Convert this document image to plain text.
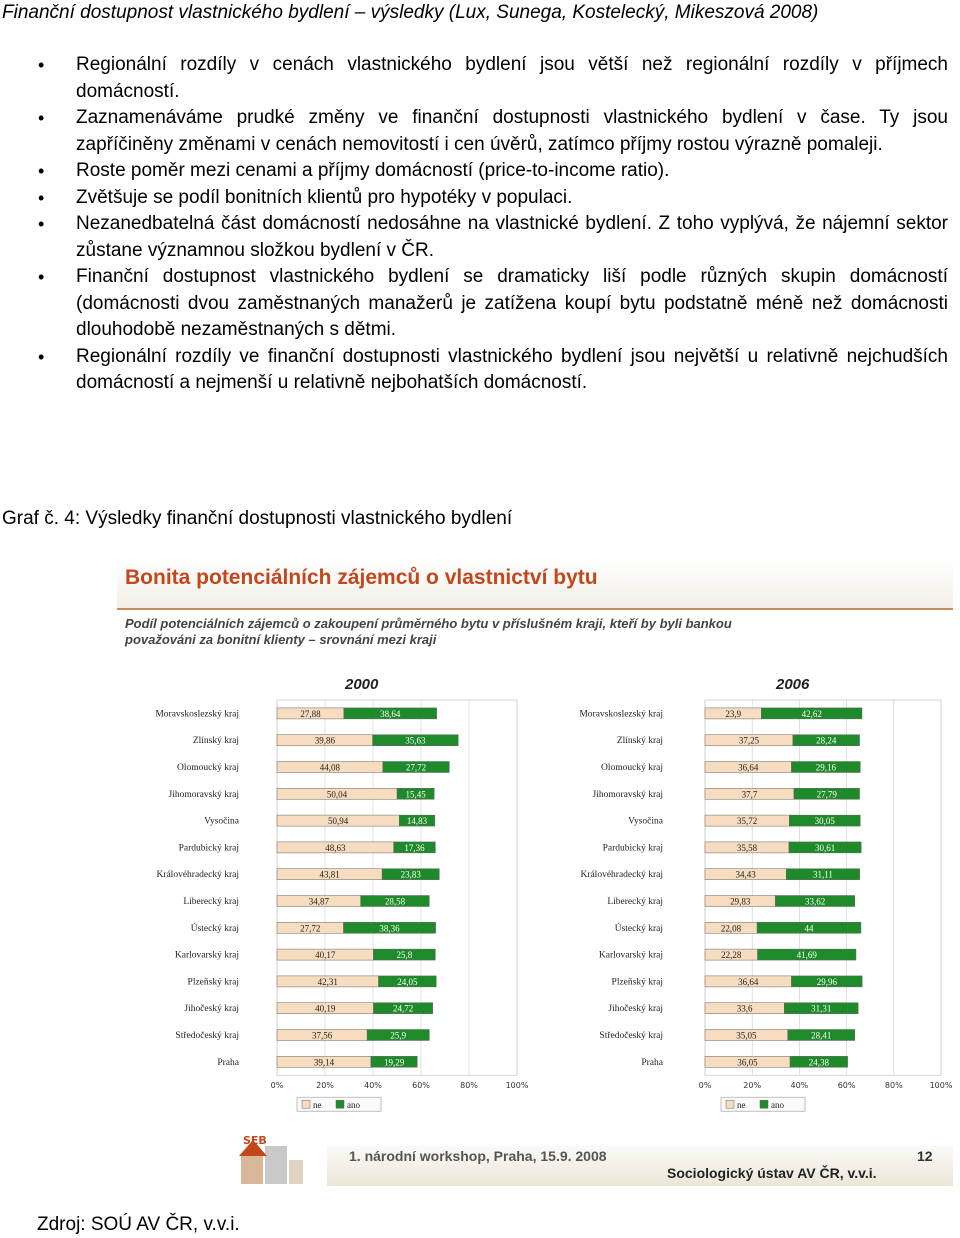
Finanční dostupnost vlastnického bydlení – výsledky (Lux, Sunega, Kostelecký, Mikeszová 2008)
• Regionální rozdíly v cenách vlastnického bydlení jsou větší než regionální rozdíly v příjmech domácností.
• Zaznamenáváme prudké změny ve finanční dostupnosti vlastnického bydlení v čase. Ty jsou zapříčiněny změnami v cenách nemovitostí i cen úvěrů, zatímco příjmy rostou výrazně pomaleji.
• Roste poměr mezi cenami a příjmy domácností (price-to-income ratio).
• Zvětšuje se podíl bonitních klientů pro hypotéky v populaci.
• Nezanedbatelná část domácností nedosáhne na vlastnické bydlení. Z toho vyplývá, že nájemní sektor zůstane významnou složkou bydlení v ČR.
• Finanční dostupnost vlastnického bydlení se dramaticky liší podle různých skupin domácností (domácnosti dvou zaměstnaných manažerů je zatížena koupí bytu podstatně méně než domácnosti dlouhodobě nezaměstnaných s dětmi.
• Regionální rozdíly ve finanční dostupnosti vlastnického bydlení jsou největší u relativně nejchudších domácností a nejmenší u relativně nejbohatších domácností.
Graf č. 4: Výsledky finanční dostupnosti vlastnického bydlení
Bonita potenciálních zájemců o vlastnictví bytu
Podíl potenciálních zájemců o zakoupení průměrného bytu v příslušném kraji, kteří by byli bankou považováni za bonitní klienty – srovnání mezi kraji
2000	2006
0%	20%	40%	60%	80%	100%
Moravskoslezský kraj	27,88	38,64
Zlínský kraj	39,86	35,63
Olomoucký kraj	44,08	27,72
Jihomoravský kraj	50,04	15,45
Vysočina	50,94	14,83
Pardubický kraj	48,63	17,36
Královéhradecký kraj	43,81	23,83
Liberecký kraj	34,87	28,58
Ústecký kraj	27,72	38,36
Karlovarský kraj	40,17	25,8
Plzeňský kraj	42,31	24,05
Jihočeský kraj	40,19	24,72
Středočeský kraj	37,56	25,9
Praha	39,14	19,29
ne	ano
0%	20%	40%	60%	80%	100%
Moravskoslezský kraj	23,9	42,62
Zlínský kraj	37,25	28,24
Olomoucký kraj	36,64	29,16
Jihomoravský kraj	37,7	27,79
Vysočina	35,72	30,05
Pardubický kraj	35,58	30,61
Královéhradecký kraj	34,43	31,11
Liberecký kraj	29,83	33,62
Ústecký kraj	22,08	44
Karlovarský kraj	22,28	41,69
Plzeňský kraj	36,64	29,96
Jihočeský kraj	33,6	31,31
Středočeský kraj	35,05	28,41
Praha	36,05	24,38
ne	ano
SEB
1. národní workshop, Praha, 15.9. 2008	12
Sociologický ústav AV ČR, v.v.i.
Zdroj: SOÚ AV ČR, v.v.i.
